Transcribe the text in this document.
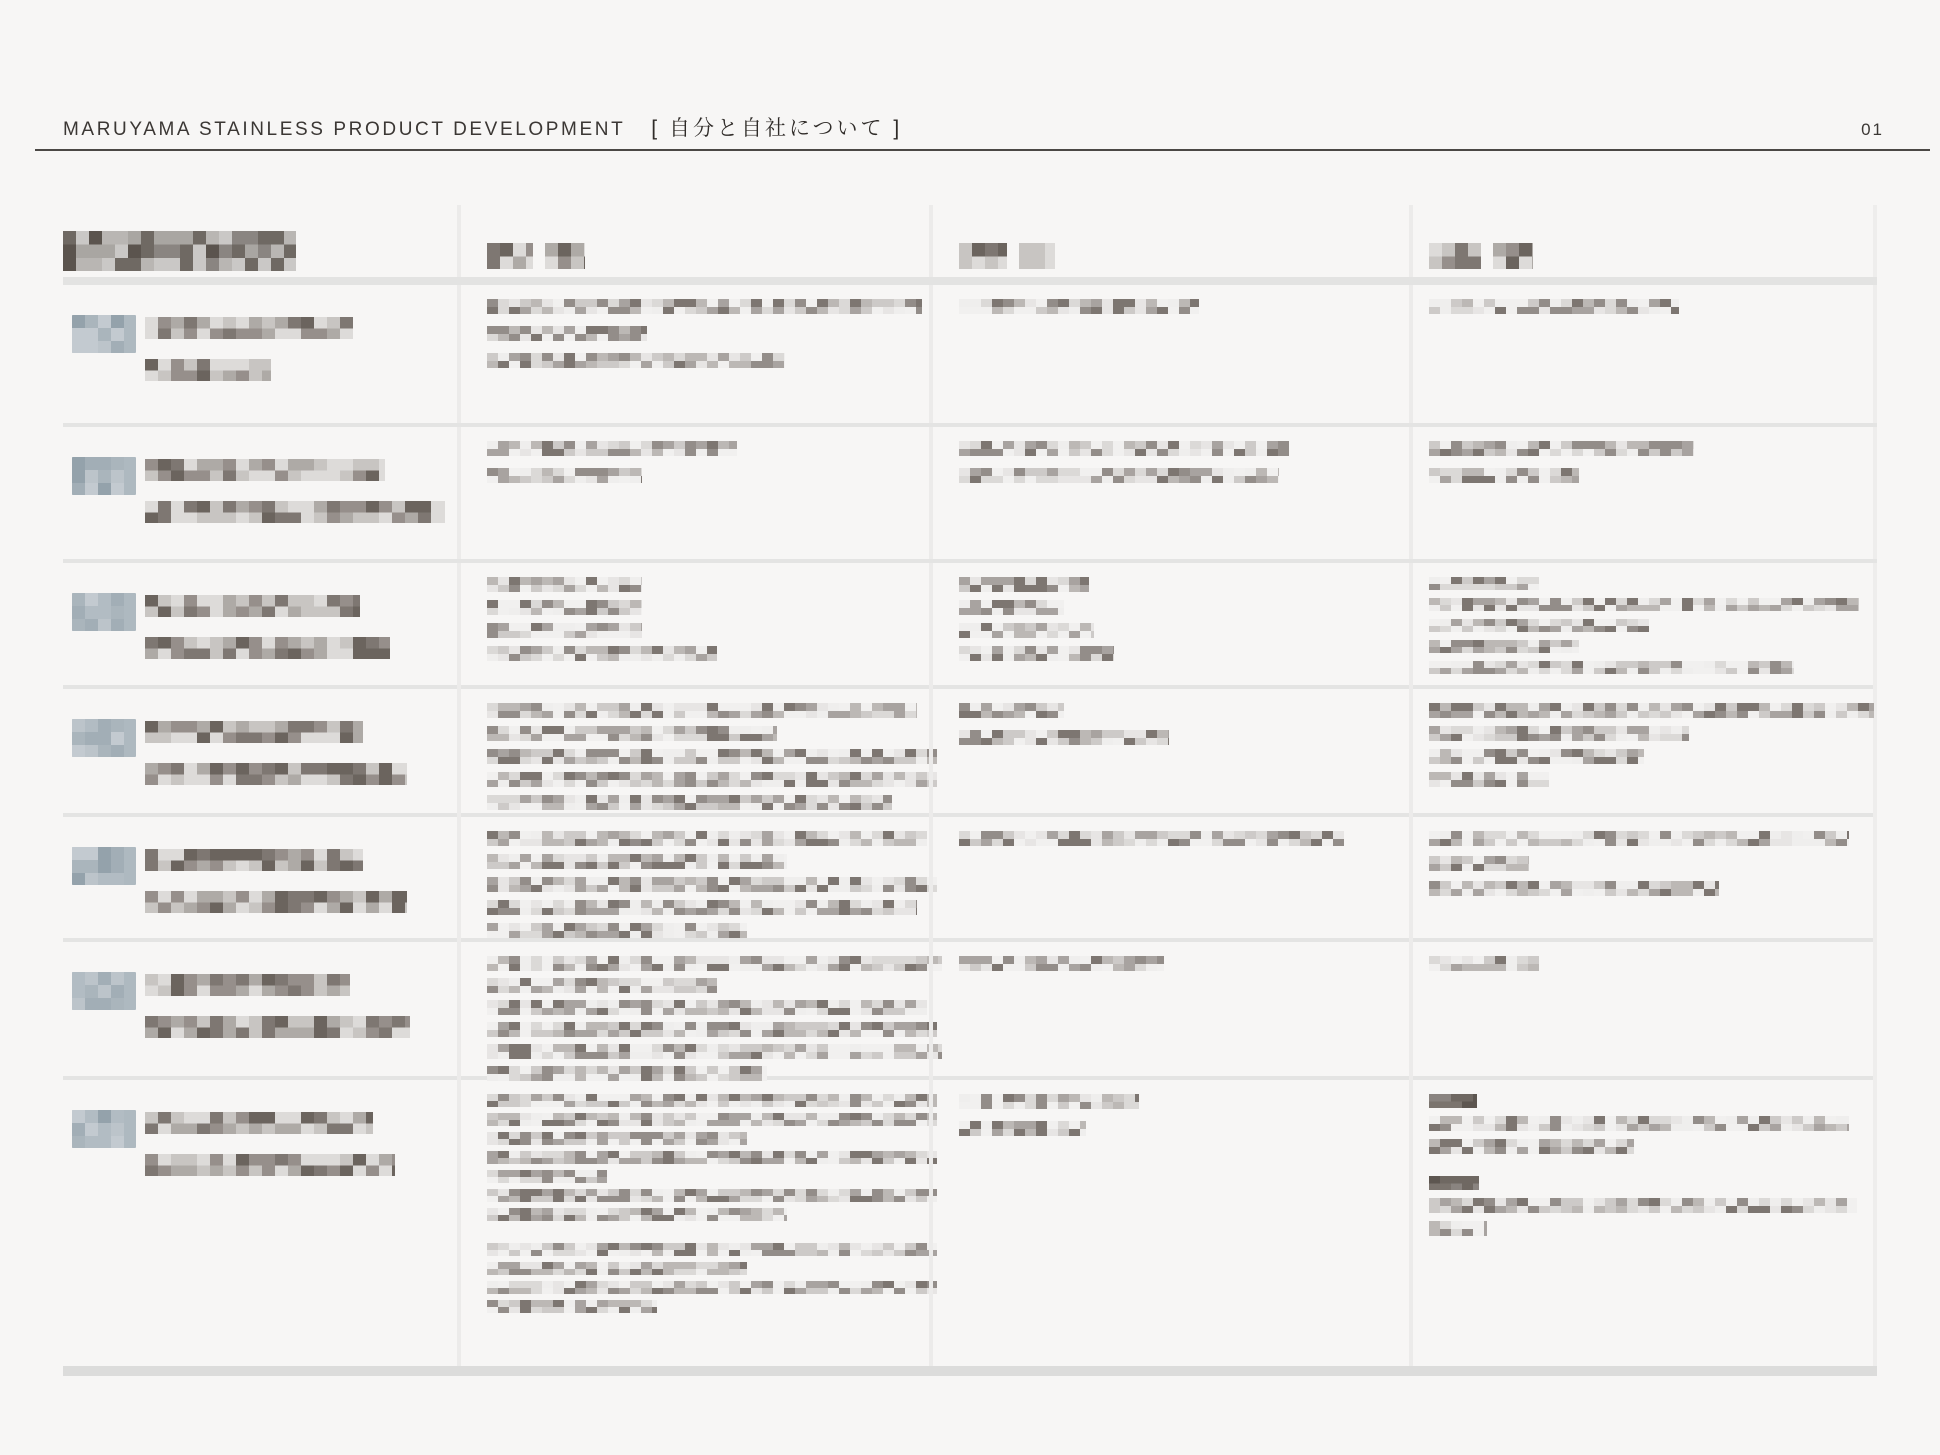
MARUYAMA STAINLESS PRODUCT DEVELOPMENT [ 自分と自社について ]	01
